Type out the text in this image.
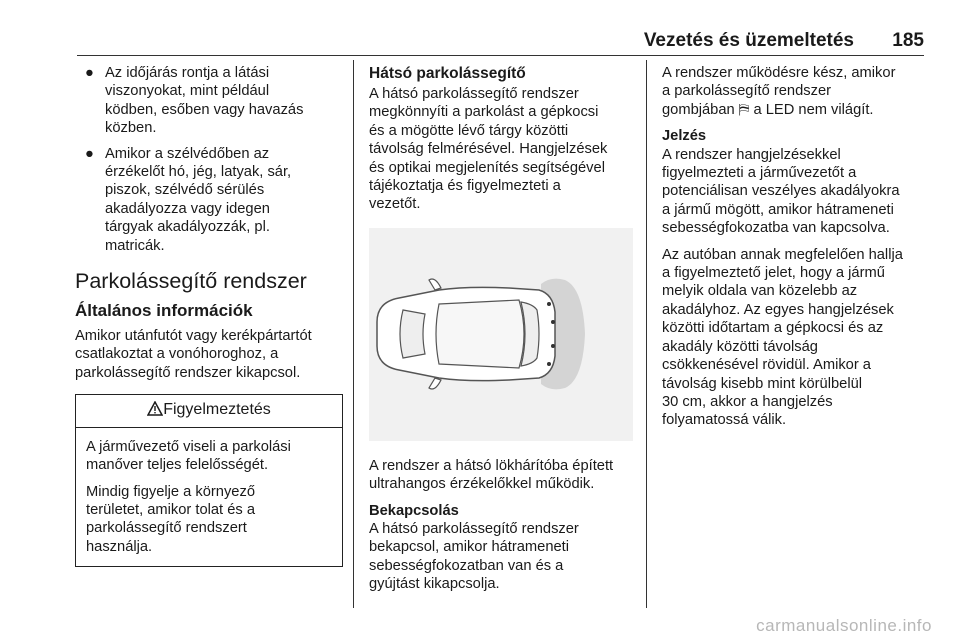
Vezetés és üzemeltetés 185
● Az időjárás rontja a látási
viszonyokat, mint például
ködben, esőben vagy havazás
közben.
● Amikor a szélvédőben az
érzékelőt hó, jég, latyak, sár,
piszok, szélvédő sérülés
akadályozza vagy idegen
tárgyak akadályozzák, pl.
matricák.
Parkolássegítő rendszer
Általános információk

Amikor utánfutót vagy kerékpártartót
csatlakoztat a vonóhoroghoz, a
parkolássegítő rendszer kikapcsol.

Figyelmeztetés

A járművezető viseli a parkolási
manőver teljes felelősségét.

Mindig figyelje a környező
területet, amikor tolat és a
parkolássegítő rendszert
használja.

Hátsó parkolássegítő

A hátsó parkolássegítő rendszer
megkönnyíti a parkolást a gépkocsi
és a mögötte lévő tárgy közötti
távolság felmérésével. Hangjelzések
és optikai megjelenítés segítségével
tájékoztatja és figyelmezteti a
vezetőt.

A rendszer a hátsó lökhárítóba épített
ultrahangos érzékelőkkel működik.

Bekapcsolás

A hátsó parkolássegítő rendszer
bekapcsol, amikor hátrameneti
sebességfokozatban van és a
gyújtást kikapcsolja.

A rendszer működésre kész, amikor
a parkolássegítő rendszer
gombjában ⛿ a LED nem világít.

Jelzés

A rendszer hangjelzésekkel
figyelmezteti a járművezetőt a
potenciálisan veszélyes akadályokra
a jármű mögött, amikor hátrameneti
sebességfokozatba van kapcsolva.

Az autóban annak megfelelően hallja
a figyelmeztető jelet, hogy a jármű
melyik oldala van közelebb az
akadályhoz. Az egyes hangjelzések
közötti időtartam a gépkocsi és az
akadály közötti távolság
csökkenésével rövidül. Amikor a
távolság kisebb mint körülbelül
30 cm, akkor a hangjelzés
folyamatossá válik.

carmanualsonline.info
